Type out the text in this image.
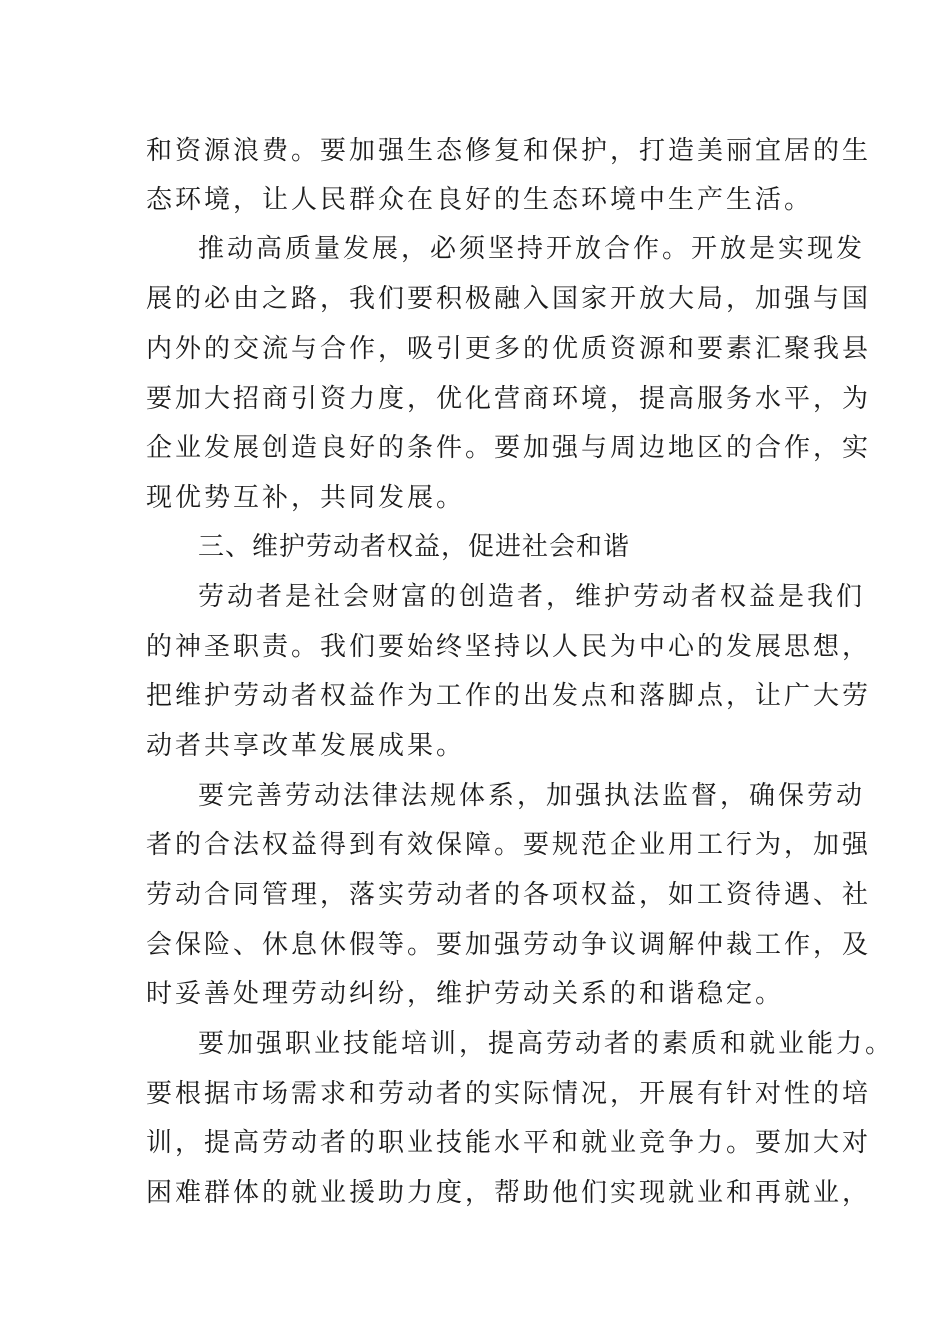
和资源浪费。要加强生态修复和保护，打造美丽宜居的生
态环境，让人民群众在良好的生态环境中生产生活。
推动高质量发展，必须坚持开放合作。开放是实现发
展的必由之路，我们要积极融入国家开放大局，加强与国
内外的交流与合作，吸引更多的优质资源和要素汇聚我县
要加大招商引资力度，优化营商环境，提高服务水平，为
企业发展创造良好的条件。要加强与周边地区的合作，实
现优势互补，共同发展。
三、维护劳动者权益，促进社会和谐
劳动者是社会财富的创造者，维护劳动者权益是我们
的神圣职责。我们要始终坚持以人民为中心的发展思想，
把维护劳动者权益作为工作的出发点和落脚点，让广大劳
动者共享改革发展成果。
要完善劳动法律法规体系，加强执法监督，确保劳动
者的合法权益得到有效保障。要规范企业用工行为，加强
劳动合同管理，落实劳动者的各项权益，如工资待遇、社
会保险、休息休假等。要加强劳动争议调解仲裁工作，及
时妥善处理劳动纠纷，维护劳动关系的和谐稳定。
要加强职业技能培训，提高劳动者的素质和就业能力。
要根据市场需求和劳动者的实际情况，开展有针对性的培
训，提高劳动者的职业技能水平和就业竞争力。要加大对
困难群体的就业援助力度，帮助他们实现就业和再就业，
